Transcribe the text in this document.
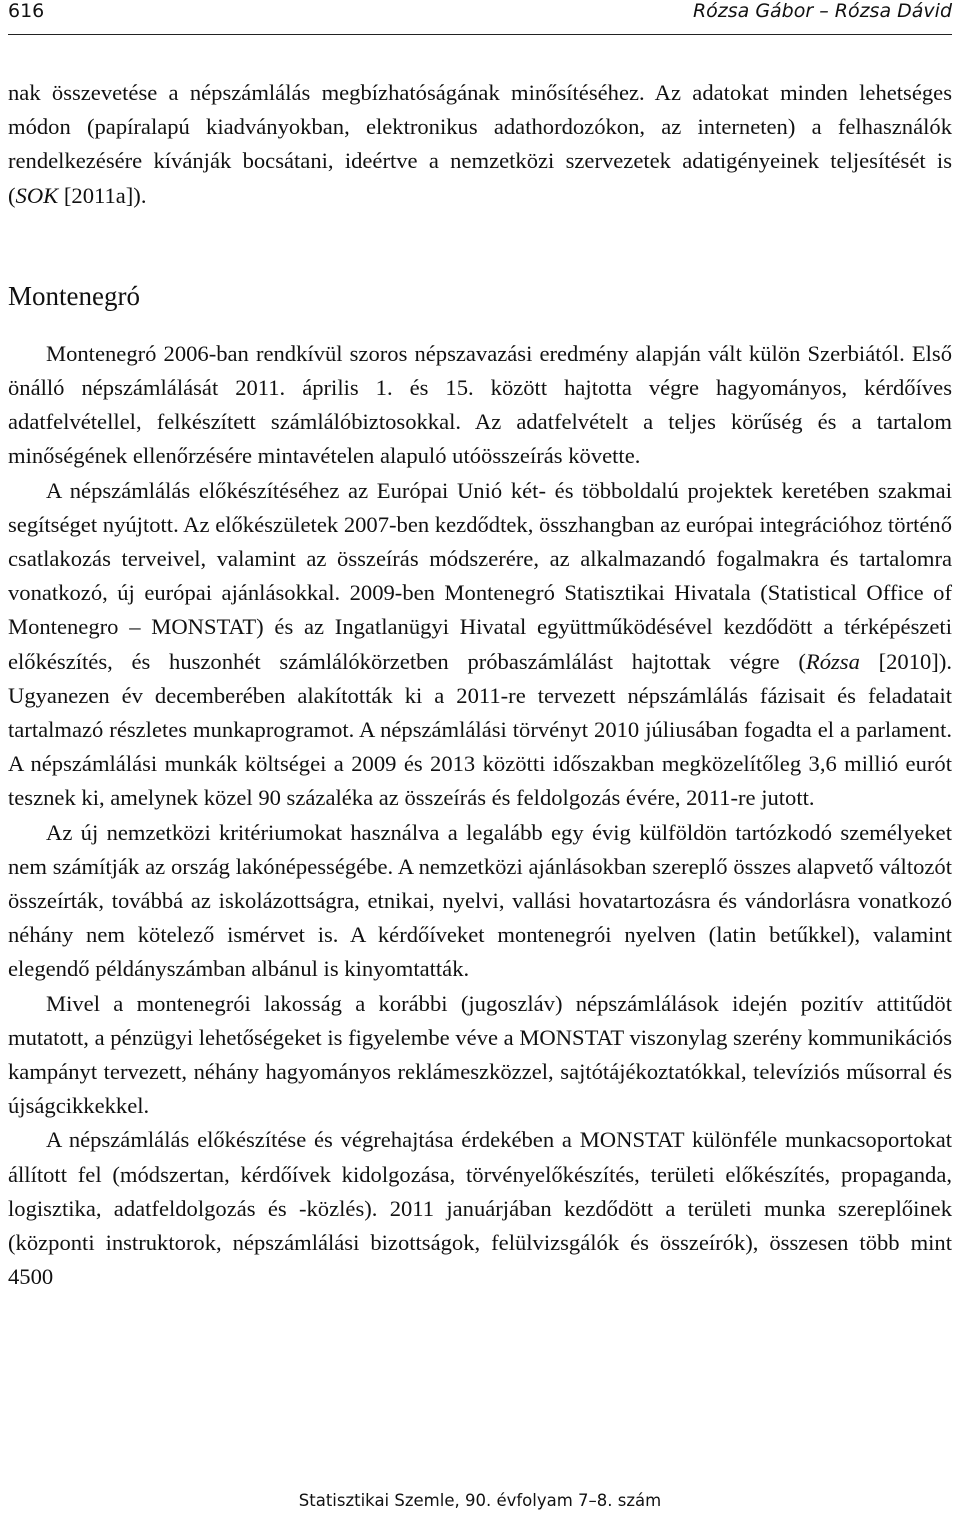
616	Rózsa Gábor – Rózsa Dávid

nak összevetése a népszámlálás megbízhatóságának minősítéséhez. Az adatokat minden lehetséges módon (papíralapú kiadványokban, elektronikus adathordozókon, az interneten) a felhasználók rendelkezésére kívánják bocsátani, ideértve a nemzetközi szervezetek adatigényeinek teljesítését is (SOK [2011a]).

Montenegró

Montenegró 2006-ban rendkívül szoros népszavazási eredmény alapján vált külön Szerbiától. Első önálló népszámlálását 2011. április 1. és 15. között hajtotta végre hagyományos, kérdőíves adatfelvétellel, felkészített számlálóbiztosokkal. Az adatfelvételt a teljes körűség és a tartalom minőségének ellenőrzésére mintavételen alapuló utóösszeírás követte.

A népszámlálás előkészítéséhez az Európai Unió két- és többoldalú projektek keretében szakmai segítséget nyújtott. Az előkészületek 2007-ben kezdődtek, összhangban az európai integrációhoz történő csatlakozás terveivel, valamint az összeírás módszerére, az alkalmazandó fogalmakra és tartalomra vonatkozó, új európai ajánlásokkal. 2009-ben Montenegró Statisztikai Hivatala (Statistical Office of Montenegro – MONSTAT) és az Ingatlanügyi Hivatal együttműködésével kezdődött a térképészeti előkészítés, és huszonhét számlálókörzetben próbaszámlálást hajtottak végre (Rózsa [2010]). Ugyanezen év decemberében alakították ki a 2011-re tervezett népszámlálás fázisait és feladatait tartalmazó részletes munkaprogramot. A népszámlálási törvényt 2010 júliusában fogadta el a parlament. A népszámlálási munkák költségei a 2009 és 2013 közötti időszakban megközelítőleg 3,6 millió eurót tesznek ki, amelynek közel 90 százaléka az összeírás és feldolgozás évére, 2011-re jutott.

Az új nemzetközi kritériumokat használva a legalább egy évig külföldön tartózkodó személyeket nem számítják az ország lakónépességébe. A nemzetközi ajánlásokban szereplő összes alapvető változót összeírták, továbbá az iskolázottságra, etnikai, nyelvi, vallási hovatartozásra és vándorlásra vonatkozó néhány nem kötelező ismérvet is. A kérdőíveket montenegrói nyelven (latin betűkkel), valamint elegendő példányszámban albánul is kinyomtatták.

Mivel a montenegrói lakosság a korábbi (jugoszláv) népszámlálások idején pozitív attitűdöt mutatott, a pénzügyi lehetőségeket is figyelembe véve a MONSTAT viszonylag szerény kommunikációs kampányt tervezett, néhány hagyományos reklámeszközzel, sajtótájékoztatókkal, televíziós műsorral és újságcikkekkel.

A népszámlálás előkészítése és végrehajtása érdekében a MONSTAT különféle munkacsoportokat állított fel (módszertan, kérdőívek kidolgozása, törvényelőkészítés, területi előkészítés, propaganda, logisztika, adatfeldolgozás és -közlés). 2011 januárjában kezdődött a területi munka szereplőinek (központi instruktorok, népszámlálási bizottságok, felülvizsgálók és összeírók), összesen több mint 4500

Statisztikai Szemle, 90. évfolyam 7–8. szám
